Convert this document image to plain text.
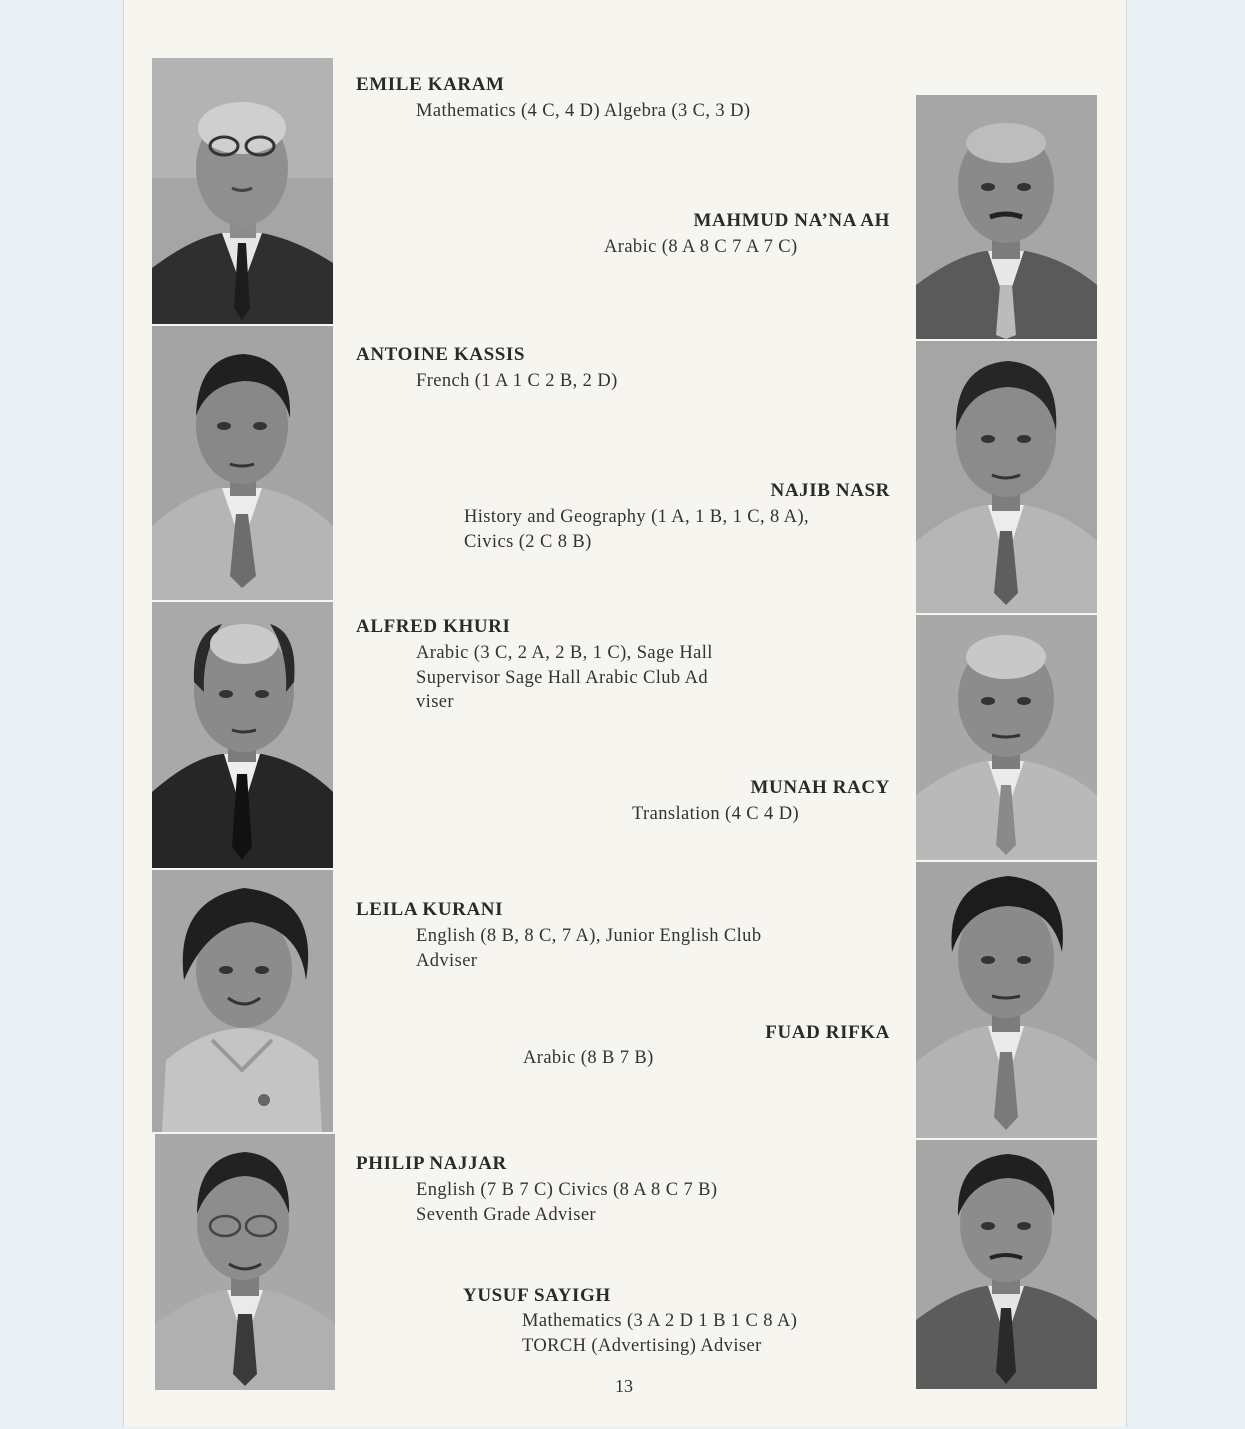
EMILE KARAM
Mathematics (4 C, 4 D) Algebra (3 C, 3 D)
MAHMUD NA’NA AH
Arabic (8 A 8 C 7 A 7 C)
ANTOINE KASSIS
French (1 A 1 C 2 B, 2 D)
NAJIB NASR
History and Geography (1 A, 1 B, 1 C, 8 A),
Civics (2 C 8 B)
ALFRED KHURI
Arabic (3 C, 2 A, 2 B, 1 C), Sage Hall
Supervisor Sage Hall Arabic Club Ad
viser
MUNAH RACY
Translation (4 C 4 D)
LEILA KURANI
English (8 B, 8 C, 7 A), Junior English Club
Adviser
FUAD RIFKA
Arabic (8 B 7 B)
PHILIP NAJJAR
English (7 B 7 C) Civics (8 A 8 C 7 B)
Seventh Grade Adviser
YUSUF SAYIGH
Mathematics (3 A 2 D 1 B 1 C 8 A)
TORCH (Advertising) Adviser
13
